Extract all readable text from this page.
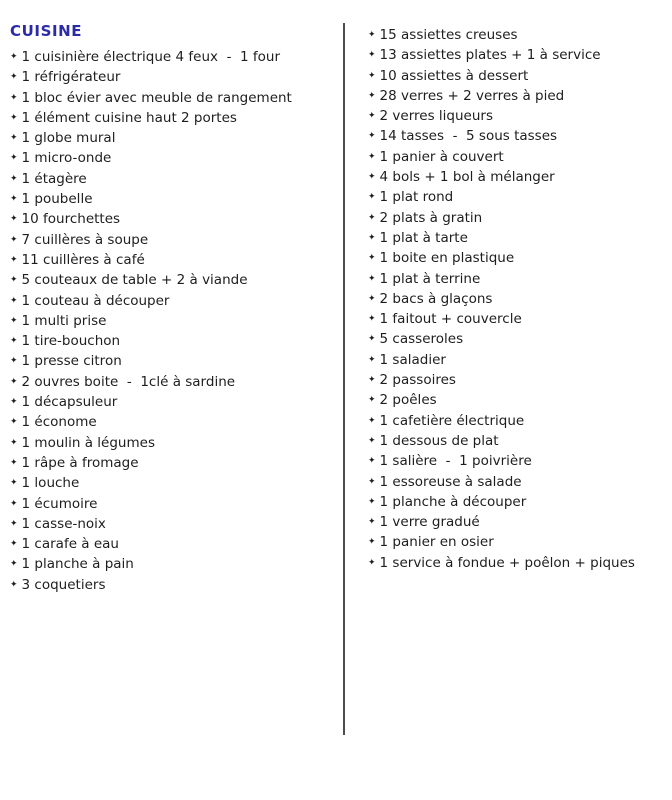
CUISINE
✦ 1 cuisinière électrique 4 feux  -  1 four
✦ 1 réfrigérateur
✦ 1 bloc évier avec meuble de rangement
✦ 1 élément cuisine haut 2 portes
✦ 1 globe mural
✦ 1 micro-onde
✦ 1 étagère
✦ 1 poubelle
✦ 10 fourchettes
✦ 7 cuillères à soupe
✦ 11 cuillères à café
✦ 5 couteaux de table + 2 à viande
✦ 1 couteau à découper
✦ 1 multi prise
✦ 1 tire-bouchon
✦ 1 presse citron
✦ 2 ouvres boite  -  1clé à sardine
✦ 1 décapsuleur
✦ 1 économe
✦ 1 moulin à légumes
✦ 1 râpe à fromage
✦ 1 louche
✦ 1 écumoire
✦ 1 casse-noix
✦ 1 carafe à eau
✦ 1 planche à pain
✦ 3 coquetiers
✦ 15 assiettes creuses
✦ 13 assiettes plates + 1 à service
✦ 10 assiettes à dessert
✦ 28 verres + 2 verres à pied
✦ 2 verres liqueurs
✦ 14 tasses  -  5 sous tasses
✦ 1 panier à couvert
✦ 4 bols + 1 bol à mélanger
✦ 1 plat rond
✦ 2 plats à gratin
✦ 1 plat à tarte
✦ 1 boite en plastique
✦ 1 plat à terrine
✦ 2 bacs à glaçons
✦ 1 faitout + couvercle
✦ 5 casseroles
✦ 1 saladier
✦ 2 passoires
✦ 2 poêles
✦ 1 cafetière électrique
✦ 1 dessous de plat
✦ 1 salière  -  1 poivrière
✦ 1 essoreuse à salade
✦ 1 planche à découper
✦ 1 verre gradué
✦ 1 panier en osier
✦ 1 service à fondue + poêlon + piques
